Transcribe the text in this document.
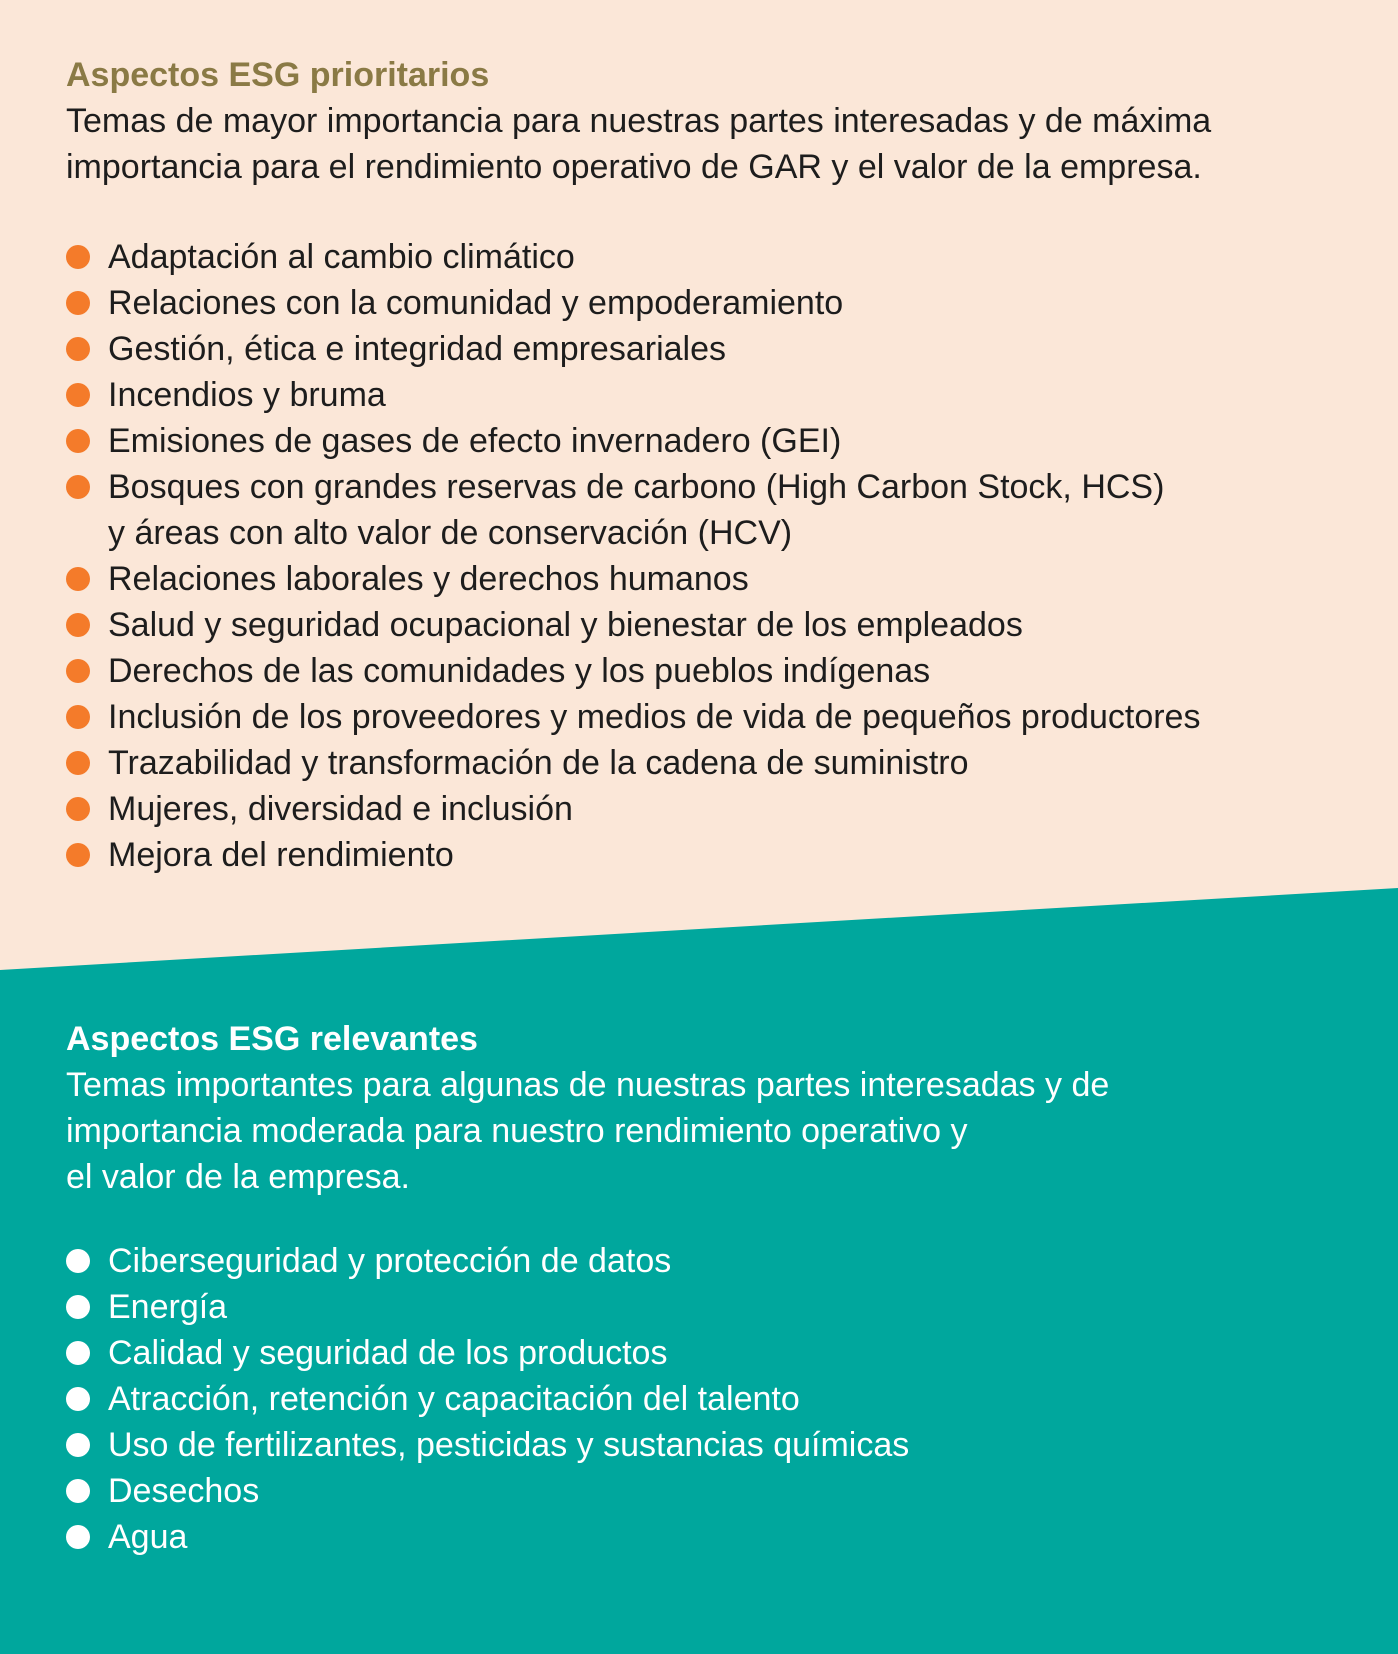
Aspectos ESG prioritarios

Temas de mayor importancia para nuestras partes interesadas y de máxima
importancia para el rendimiento operativo de GAR y el valor de la empresa.

Adaptación al cambio climático
Relaciones con la comunidad y empoderamiento
Gestión, ética e integridad empresariales
Incendios y bruma
Emisiones de gases de efecto invernadero (GEI)
Bosques con grandes reservas de carbono (High Carbon Stock, HCS)
y áreas con alto valor de conservación (HCV)
Relaciones laborales y derechos humanos
Salud y seguridad ocupacional y bienestar de los empleados
Derechos de las comunidades y los pueblos indígenas
Inclusión de los proveedores y medios de vida de pequeños productores
Trazabilidad y transformación de la cadena de suministro
Mujeres, diversidad e inclusión
Mejora del rendimiento
Aspectos ESG relevantes

Temas importantes para algunas de nuestras partes interesadas y de
importancia moderada para nuestro rendimiento operativo y
el valor de la empresa.

Ciberseguridad y protección de datos
Energía
Calidad y seguridad de los productos
Atracción, retención y capacitación del talento
Uso de fertilizantes, pesticidas y sustancias químicas
Desechos
Agua
